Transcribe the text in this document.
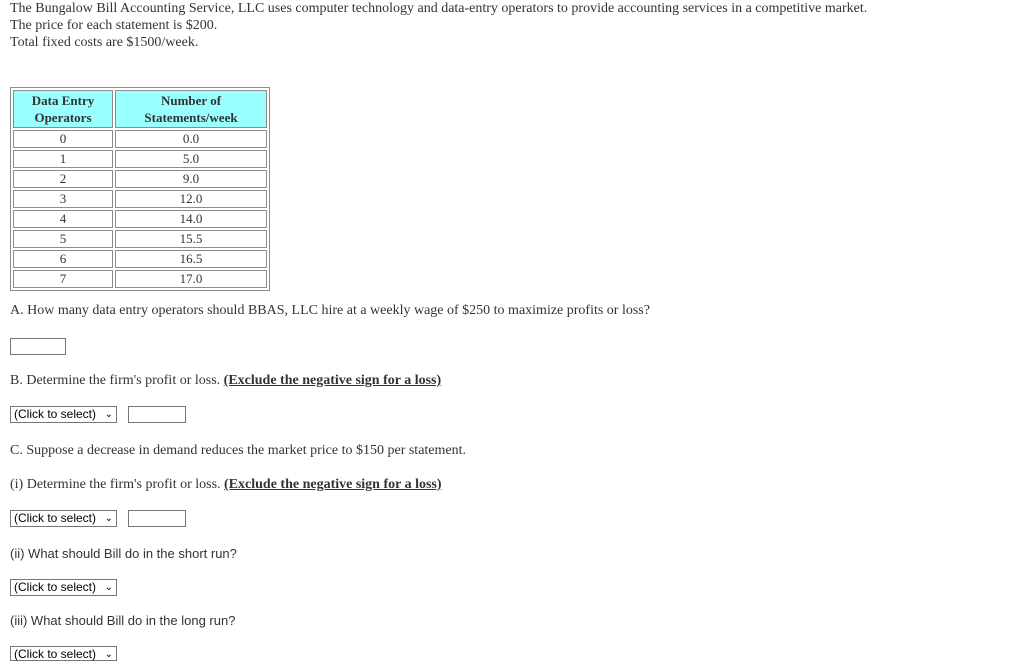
The Bungalow Bill Accounting Service, LLC uses computer technology and data-entry operators to provide accounting services in a competitive market.

The price for each statement is $200.

Total fixed costs are $1500/week.

Data Entry Operators	Number of Statements/week
0	0.0
1	5.0
2	9.0
3	12.0
4	14.0
5	15.5
6	16.5
7	17.0
A. How many data entry operators should BBAS, LLC hire at a weekly wage of $250 to maximize profits or loss?
B. Determine the firm's profit or loss. (Exclude the negative sign for a loss)
(Click to select) ⌄
C. Suppose a decrease in demand reduces the market price to $150 per statement.
(i) Determine the firm's profit or loss. (Exclude the negative sign for a loss)
(Click to select) ⌄
(ii) What should Bill do in the short run?
(Click to select) ⌄
(iii) What should Bill do in the long run?
(Click to select) ⌄
